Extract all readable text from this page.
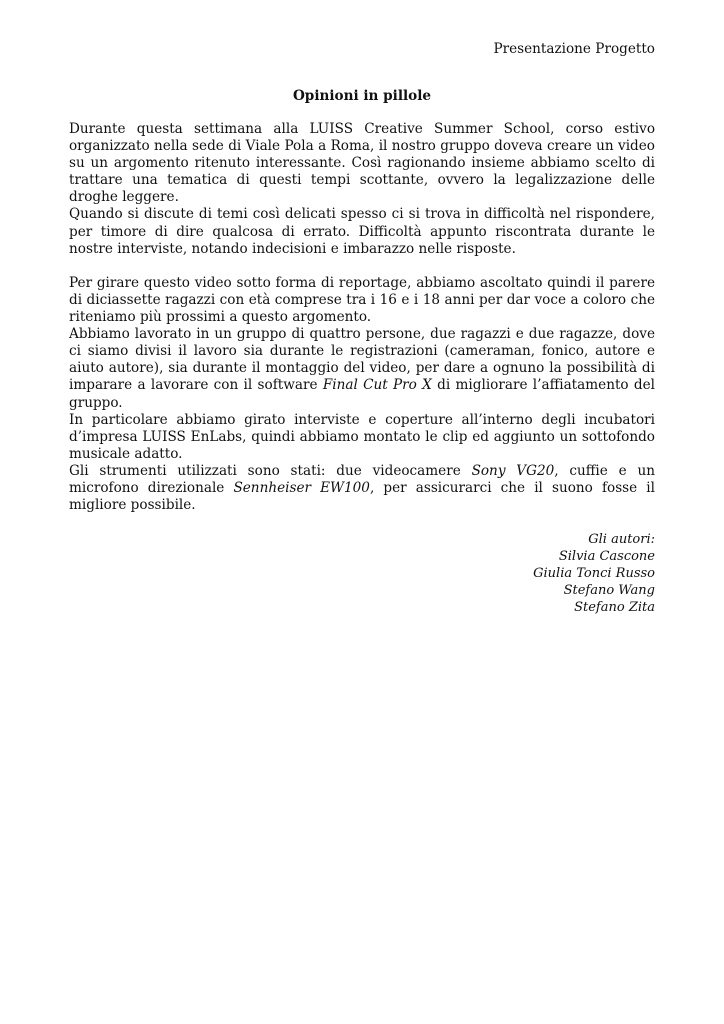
Presentazione Progetto
Opinioni in pillole

Durante questa settimana alla LUISS Creative Summer School, corso estivo organizzato nella sede di Viale Pola a Roma, il nostro gruppo doveva creare un video su un argomento ritenuto interessante. Così ragionando insieme abbiamo scelto di trattare una tematica di questi tempi scottante, ovvero la legalizzazione delle droghe leggere.

Quando si discute di temi così delicati spesso ci si trova in difficoltà nel rispondere, per timore di dire qualcosa di errato. Difficoltà appunto riscontrata durante le nostre interviste, notando indecisioni e imbarazzo nelle risposte.

Per girare questo video sotto forma di reportage, abbiamo ascoltato quindi il parere di diciassette ragazzi con età comprese tra i 16 e i 18 anni per dar voce a coloro che riteniamo più prossimi a questo argomento.

Abbiamo lavorato in un gruppo di quattro persone, due ragazzi e due ragazze, dove ci siamo divisi il lavoro sia durante le registrazioni (cameraman, fonico, autore e aiuto autore), sia durante il montaggio del video, per dare a ognuno la possibilità di imparare a lavorare con il software Final Cut Pro X di migliorare l’affiatamento del gruppo.

In particolare abbiamo girato interviste e coperture all’interno degli incubatori d’impresa LUISS EnLabs, quindi abbiamo montato le clip ed aggiunto un sottofondo musicale adatto.

Gli strumenti utilizzati sono stati: due videocamere Sony VG20, cuffie e un microfono direzionale Sennheiser EW100, per assicurarci che il suono fosse il migliore possibile.

Gli autori:
Silvia Cascone
Giulia Tonci Russo
Stefano Wang
Stefano Zita
